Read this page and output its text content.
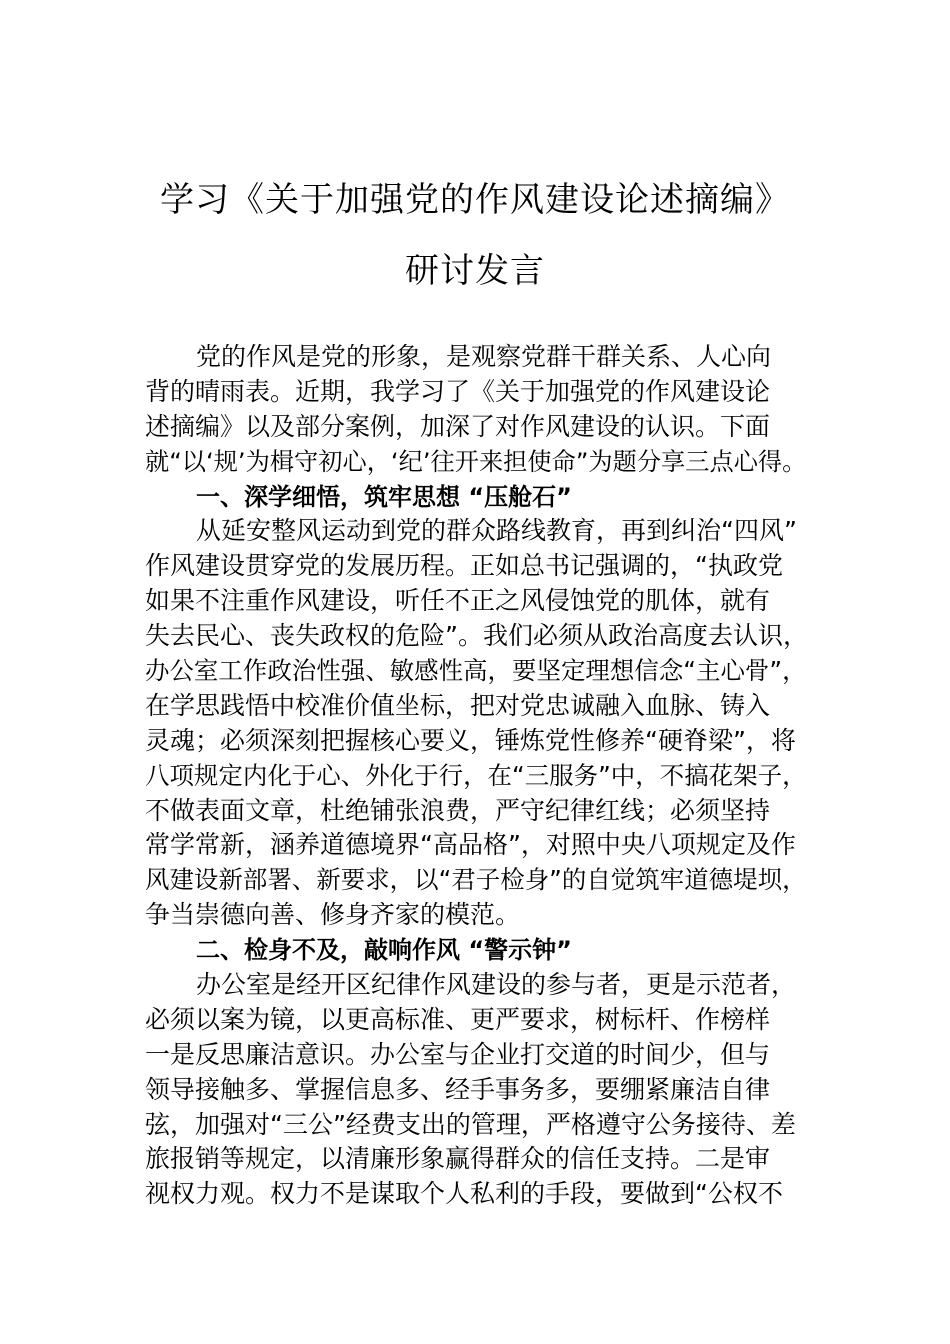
学习《关于加强党的作风建设论述摘编》
研讨发言
党的作风是党的形象，是观察党群干群关系、人心向
背的晴雨表。近期，我学习了《关于加强党的作风建设论
述摘编》以及部分案例，加深了对作风建设的认识。下面
就“以‘规’为楫守初心，‘纪’往开来担使命”为题分享三点心得。
一、深学细悟，筑牢思想 “压舱石”
从延安整风运动到党的群众路线教育，再到纠治“四风”
作风建设贯穿党的发展历程。正如总书记强调的，“执政党
如果不注重作风建设，听任不正之风侵蚀党的肌体，就有
失去民心、丧失政权的危险”。我们必须从政治高度去认识，
办公室工作政治性强、敏感性高，要坚定理想信念“主心骨”，
在学思践悟中校准价值坐标，把对党忠诚融入血脉、铸入
灵魂；必须深刻把握核心要义，锤炼党性修养“硬脊梁”，将
八项规定内化于心、外化于行，在“三服务”中，不搞花架子，
不做表面文章，杜绝铺张浪费，严守纪律红线；必须坚持
常学常新，涵养道德境界“高品格”，对照中央八项规定及作
风建设新部署、新要求，以“君子检身”的自觉筑牢道德堤坝，
争当崇德向善、修身齐家的模范。
二、检身不及，敲响作风 “警示钟”
办公室是经开区纪律作风建设的参与者，更是示范者，
必须以案为镜，以更高标准、更严要求，树标杆、作榜样
一是反思廉洁意识。办公室与企业打交道的时间少，但与
领导接触多、掌握信息多、经手事务多，要绷紧廉洁自律
弦，加强对“三公”经费支出的管理，严格遵守公务接待、差
旅报销等规定，以清廉形象赢得群众的信任支持。二是审
视权力观。权力不是谋取个人私利的手段，要做到“公权不
